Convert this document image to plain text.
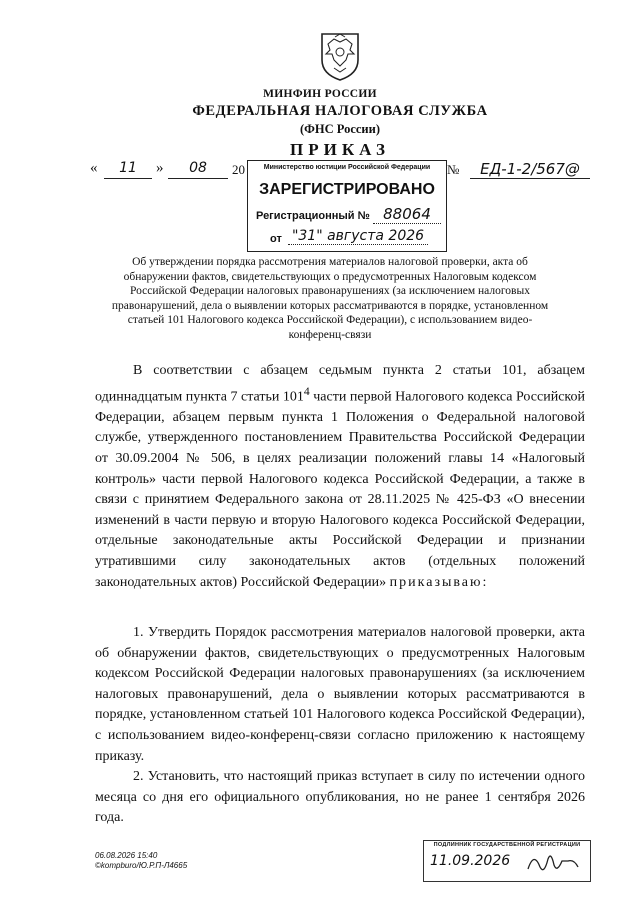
МИНФИН РОССИИ
ФЕДЕРАЛЬНАЯ НАЛОГОВАЯ СЛУЖБА
(ФНС России)
ПРИКАЗ
«	11	»	08	20	№	ЕД-1-2/567@
Министерство юстиции Российской Федерации
ЗАРЕГИСТРИРОВАНО
Регистрационный № 88064
от "31" августа 2026
Об утверждении порядка рассмотрения материалов налоговой проверки, акта об обнаружении фактов, свидетельствующих о предусмотренных Налоговым кодексом Российской Федерации налоговых правонарушениях (за исключением налоговых правонарушений, дела о выявлении которых рассматриваются в порядке, установленном статьей 101 Налогового кодекса Российской Федерации), с использованием видео-конференц-связи
В соответствии с абзацем седьмым пункта 2 статьи 101, абзацем одиннадцатым пункта 7 статьи $101^4$ части первой Налогового кодекса Российской Федерации, абзацем первым пункта 1 Положения о Федеральной налоговой службе, утвержденного постановлением Правительства Российской Федерации от 30.09.2004 № 506, в целях реализации положений главы 14 «Налоговый контроль» части первой Налогового кодекса Российской Федерации, а также в связи с принятием Федерального закона от 28.11.2025 № 425-ФЗ «О внесении изменений в части первую и вторую Налогового кодекса Российской Федерации, отдельные законодательные акты Российской Федерации и признании утратившими силу законодательных актов (отдельных положений законодательных актов) Российской Федерации» приказываю:
1. Утвердить Порядок рассмотрения материалов налоговой проверки, акта об обнаружении фактов, свидетельствующих о предусмотренных Налоговым кодексом Российской Федерации налоговых правонарушениях (за исключением налоговых правонарушений, дела о выявлении которых рассматриваются в порядке, установленном статьей 101 Налогового кодекса Российской Федерации), с использованием видео-конференц-связи согласно приложению к настоящему приказу.
2. Установить, что настоящий приказ вступает в силу по истечении одного месяца со дня его официального опубликования, но не ранее 1 сентября 2026 года.
06.08.2026 15:40
©kompburo/Ю.Р.П-Л4665
ПОДЛИННИК ГОСУДАРСТВЕННОЙ РЕГИСТРАЦИИ
11.09.2026
